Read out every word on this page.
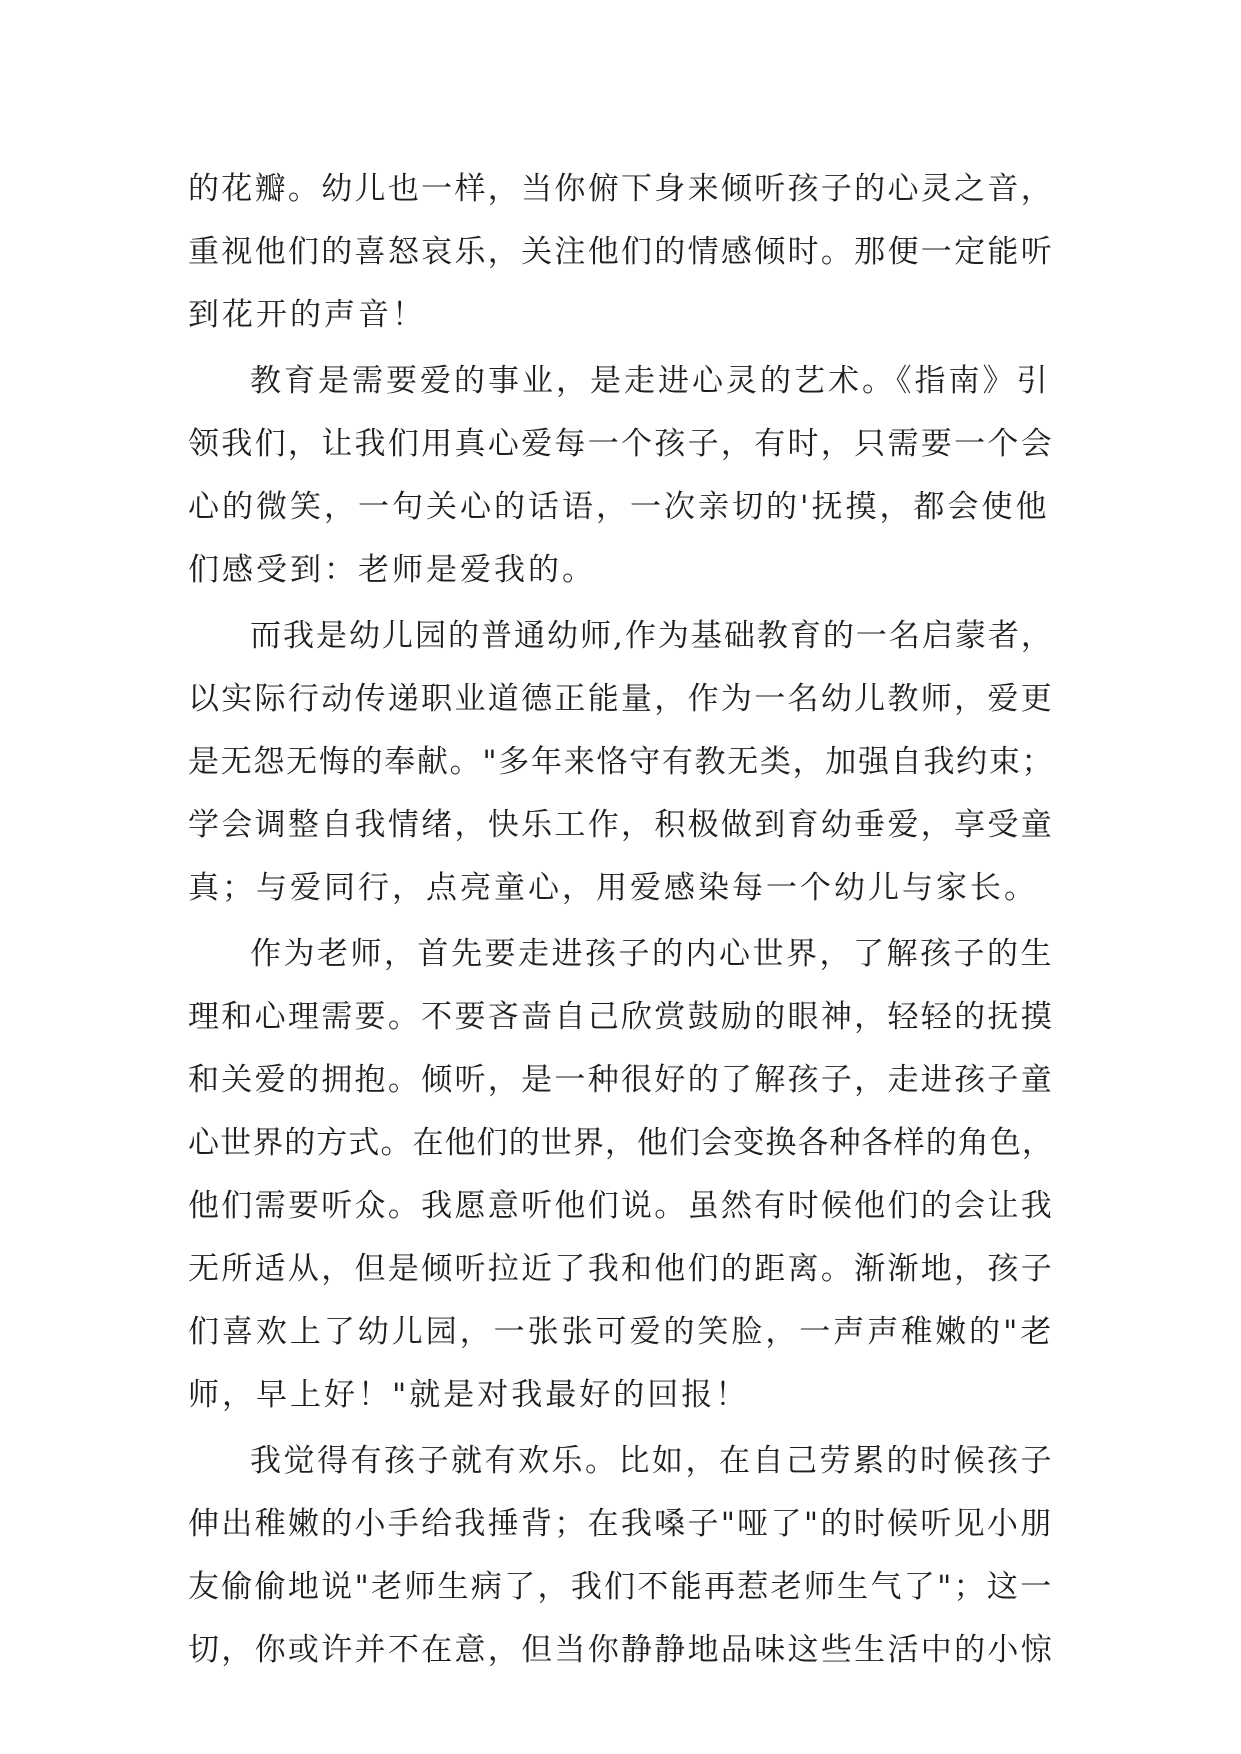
的花瓣。幼儿也一样，当你俯下身来倾听孩子的心灵之音，
重视他们的喜怒哀乐，关注他们的情感倾时。那便一定能听
到花开的声音！
教育是需要爱的事业，是走进心灵的艺术。《指南》引
领我们，让我们用真心爱每一个孩子，有时，只需要一个会
心的微笑，一句关心的话语，一次亲切的'抚摸，都会使他
们感受到：老师是爱我的。
而我是幼儿园的普通幼师,作为基础教育的一名启蒙者，
以实际行动传递职业道德正能量，作为一名幼儿教师，爱更
是无怨无悔的奉献。"多年来恪守有教无类，加强自我约束；
学会调整自我情绪，快乐工作，积极做到育幼垂爱，享受童
真；与爱同行，点亮童心，用爱感染每一个幼儿与家长。
作为老师，首先要走进孩子的内心世界，了解孩子的生
理和心理需要。不要吝啬自己欣赏鼓励的眼神，轻轻的抚摸
和关爱的拥抱。倾听，是一种很好的了解孩子，走进孩子童
心世界的方式。在他们的世界，他们会变换各种各样的角色，
他们需要听众。我愿意听他们说。虽然有时候他们的会让我
无所适从，但是倾听拉近了我和他们的距离。渐渐地，孩子
们喜欢上了幼儿园，一张张可爱的笑脸，一声声稚嫩的"老
师，早上好！"就是对我最好的回报！
我觉得有孩子就有欢乐。比如，在自己劳累的时候孩子
伸出稚嫩的小手给我捶背；在我嗓子"哑了"的时候听见小朋
友偷偷地说"老师生病了，我们不能再惹老师生气了"；这一
切，你或许并不在意，但当你静静地品味这些生活中的小惊
